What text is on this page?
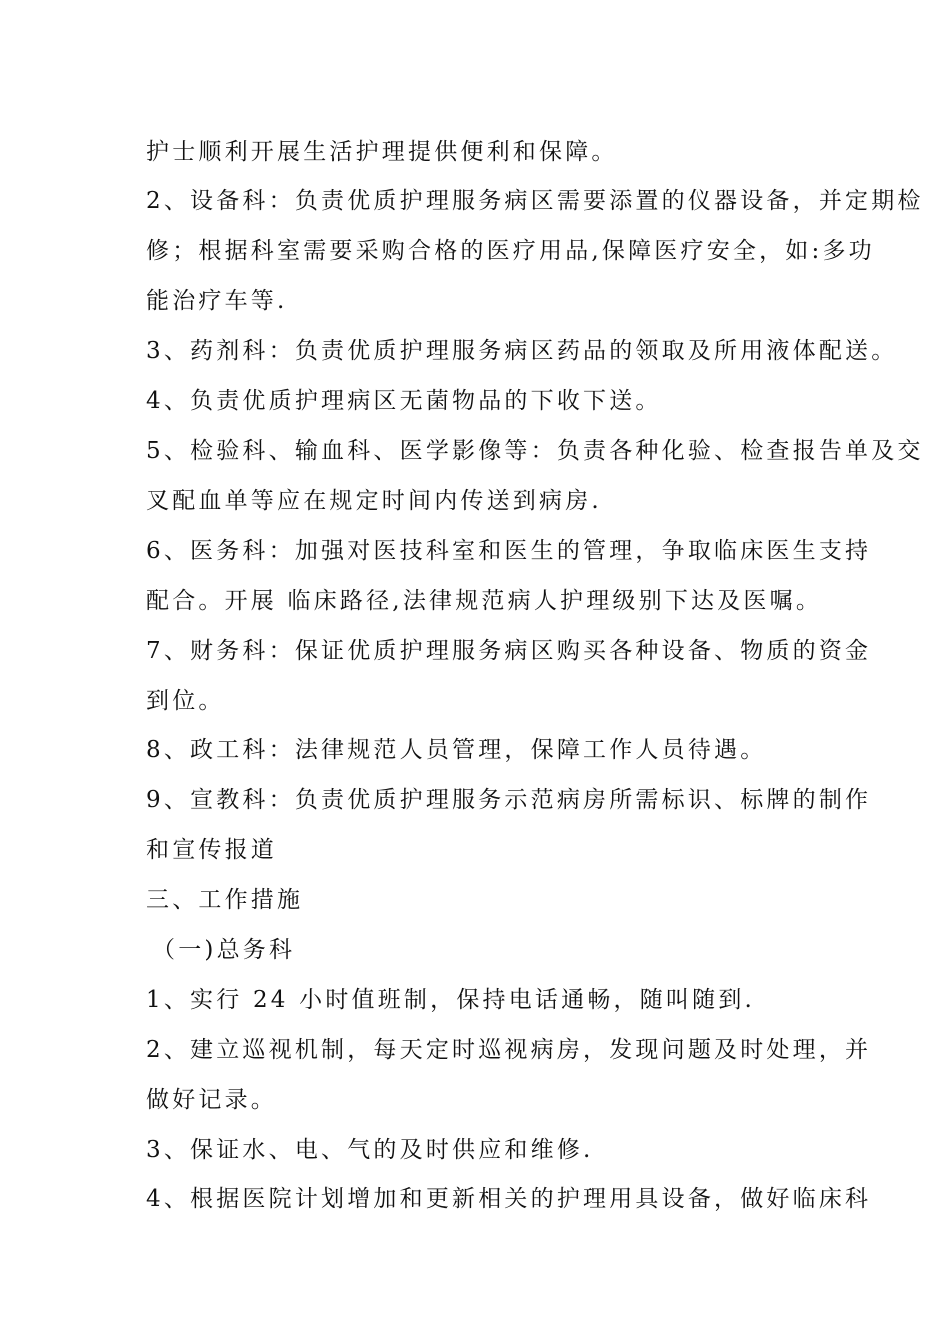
护士顺利开展生活护理提供便利和保障。
2、设备科：负责优质护理服务病区需要添置的仪器设备，并定期检
修；根据科室需要采购合格的医疗用品,保障医疗安全，如:多功
能治疗车等.
3、药剂科：负责优质护理服务病区药品的领取及所用液体配送。
4、负责优质护理病区无菌物品的下收下送。
5、检验科、输血科、医学影像等：负责各种化验、检查报告单及交
叉配血单等应在规定时间内传送到病房.
6、医务科：加强对医技科室和医生的管理，争取临床医生支持
配合。开展 临床路径,法律规范病人护理级别下达及医嘱。
7、财务科：保证优质护理服务病区购买各种设备、物质的资金
到位。
8、政工科：法律规范人员管理，保障工作人员待遇。
9、宣教科：负责优质护理服务示范病房所需标识、标牌的制作
和宣传报道
三、工作措施
（一)总务科
1、实行 24 小时值班制，保持电话通畅，随叫随到.
2、建立巡视机制，每天定时巡视病房，发现问题及时处理，并
做好记录。
3、保证水、电、气的及时供应和维修.
4、根据医院计划增加和更新相关的护理用具设备，做好临床科
